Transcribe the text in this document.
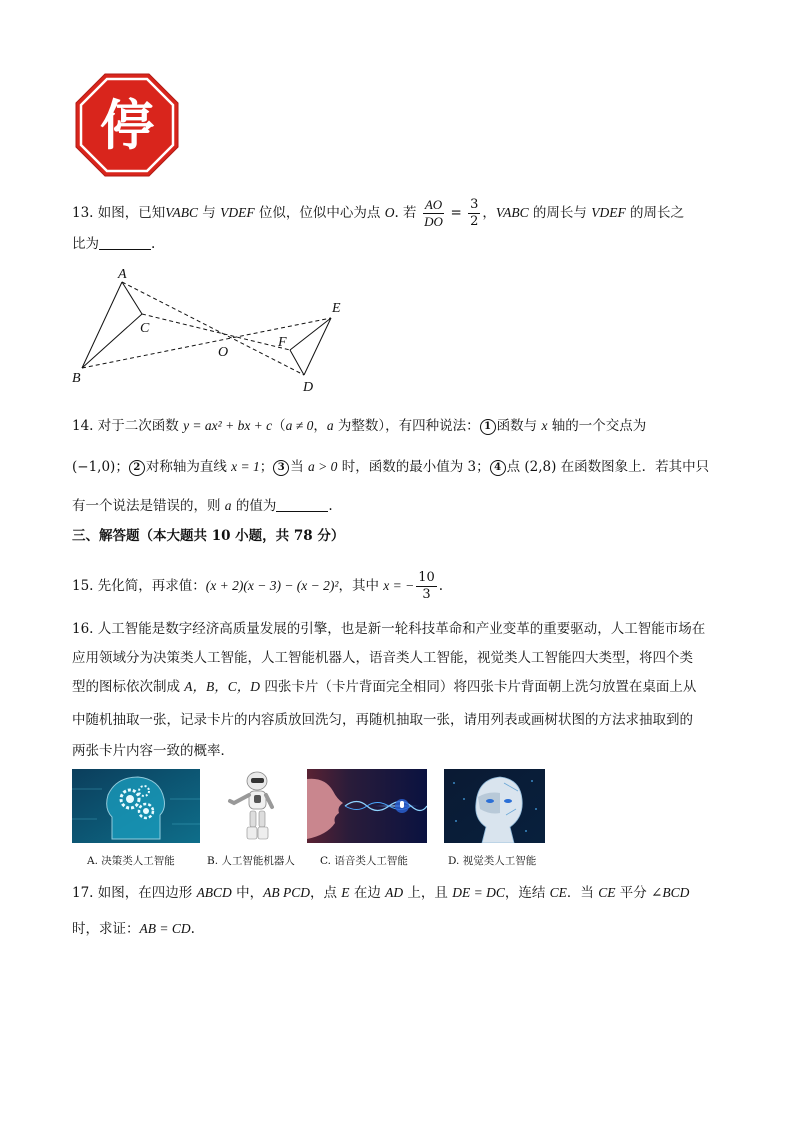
停
13. 如图，已知VABC 与 VDEF 位似，位似中心为点 O. 若 $\frac{AO}{DO} = \frac{3}{2}$ ，VABC 的周长与 VDEF 的周长之
比为	.
A
C
B
O
E
F
D
14. 对于二次函数 y = ax² + bx + c（a ≠ 0，a 为整数），有四种说法： 1 函数与 x 轴的一个交点为
(−1,0)； 2 对称轴为直线 x = 1； 3 当 a > 0 时，函数的最小值为 3； 4 点 (2,8) 在函数图象上．若其中只
有一个说法是错误的，则 a 的值为	.
三、解答题（本大题共 10 小题，共 78 分）
15. 先化简，再求值：(x + 2)(x − 3) − (x − 2)²，其中 x = − $\frac{10}{3}$ .
16. 人工智能是数字经济高质量发展的引擎，也是新一轮科技革命和产业变革的重要驱动，人工智能市场在
应用领域分为决策类人工智能，人工智能机器人，语音类人工智能，视觉类人工智能四大类型，将四个类
型的图标依次制成 A，B，C，D 四张卡片（卡片背面完全相同）将四张卡片背面朝上洗匀放置在桌面上从
中随机抽取一张，记录卡片的内容质放回洗匀，再随机抽取一张，请用列表或画树状图的方法求抽取到的
两张卡片内容一致的概率．
A. 决策类人工智能	B. 人工智能机器人 C. 语音类人工智能	D. 视觉类人工智能
17. 如图，在四边形 ABCD 中，AB PCD，点 E 在边 AD 上，且 DE = DC，连结 CE．当 CE 平分 ∠BCD
时，求证：AB = CD.
